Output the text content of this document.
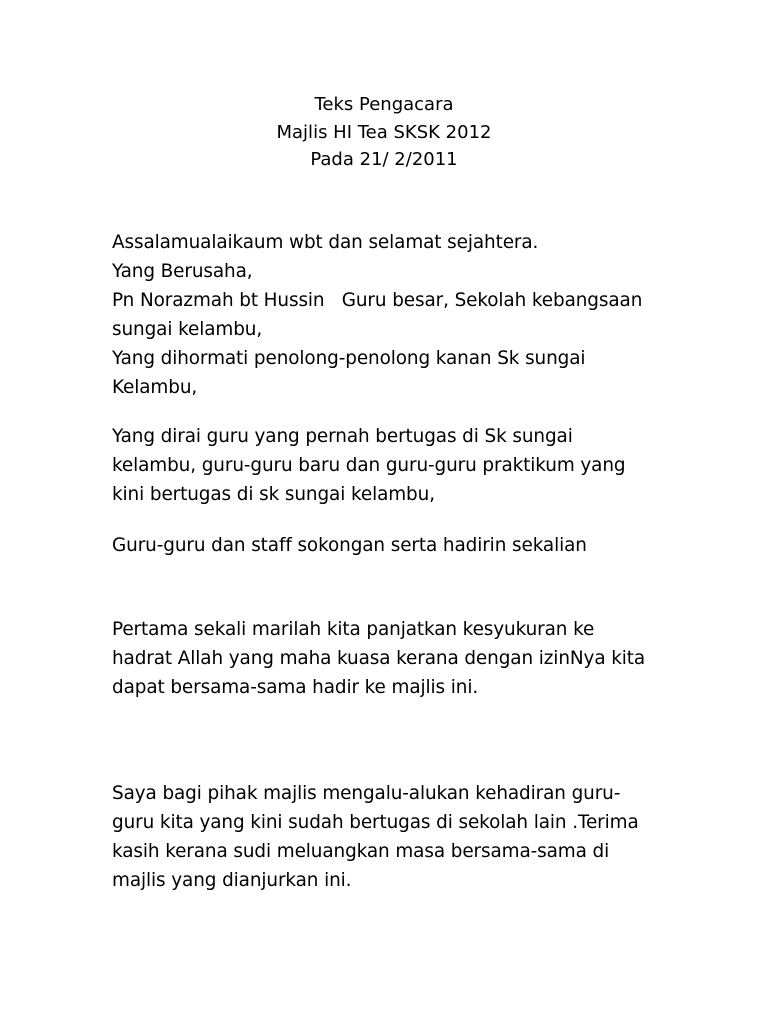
Teks Pengacara
Majlis HI Tea SKSK 2012
Pada 21/ 2/2011
Assalamualaikaum wbt dan selamat sejahtera.
Yang Berusaha,
Pn Norazmah bt Hussin   Guru besar, Sekolah kebangsaan
sungai kelambu,
Yang dihormati penolong-penolong kanan Sk sungai
Kelambu,
Yang dirai guru yang pernah bertugas di Sk sungai
kelambu, guru-guru baru dan guru-guru praktikum yang
kini bertugas di sk sungai kelambu,
Guru-guru dan staff sokongan serta hadirin sekalian
Pertama sekali marilah kita panjatkan kesyukuran ke
hadrat Allah yang maha kuasa kerana dengan izinNya kita
dapat bersama-sama hadir ke majlis ini.
Saya bagi pihak majlis mengalu-alukan kehadiran guru-
guru kita yang kini sudah bertugas di sekolah lain .Terima
kasih kerana sudi meluangkan masa bersama-sama di
majlis yang dianjurkan ini.
